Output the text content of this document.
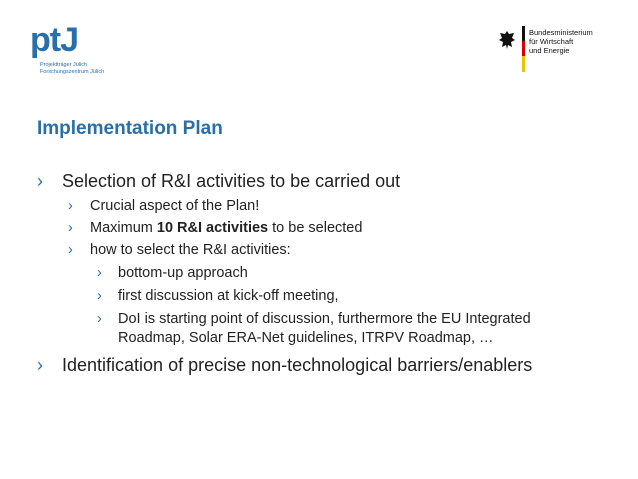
ptJ
Projektträger Jülich
Forschungszentrum Jülich
Bundesministerium
für Wirtschaft
und Energie
Implementation Plan
› Selection of R&I activities to be carried out
› Crucial aspect of the Plan!
› Maximum 10 R&I activities to be selected
› how to select the R&I activities:
› bottom-up approach
› first discussion at kick-off meeting,
› DoI is starting point of discussion, furthermore the EU Integrated
Roadmap, Solar ERA-Net guidelines, ITRPV Roadmap, …
› Identification of precise non-technological barriers/enablers
